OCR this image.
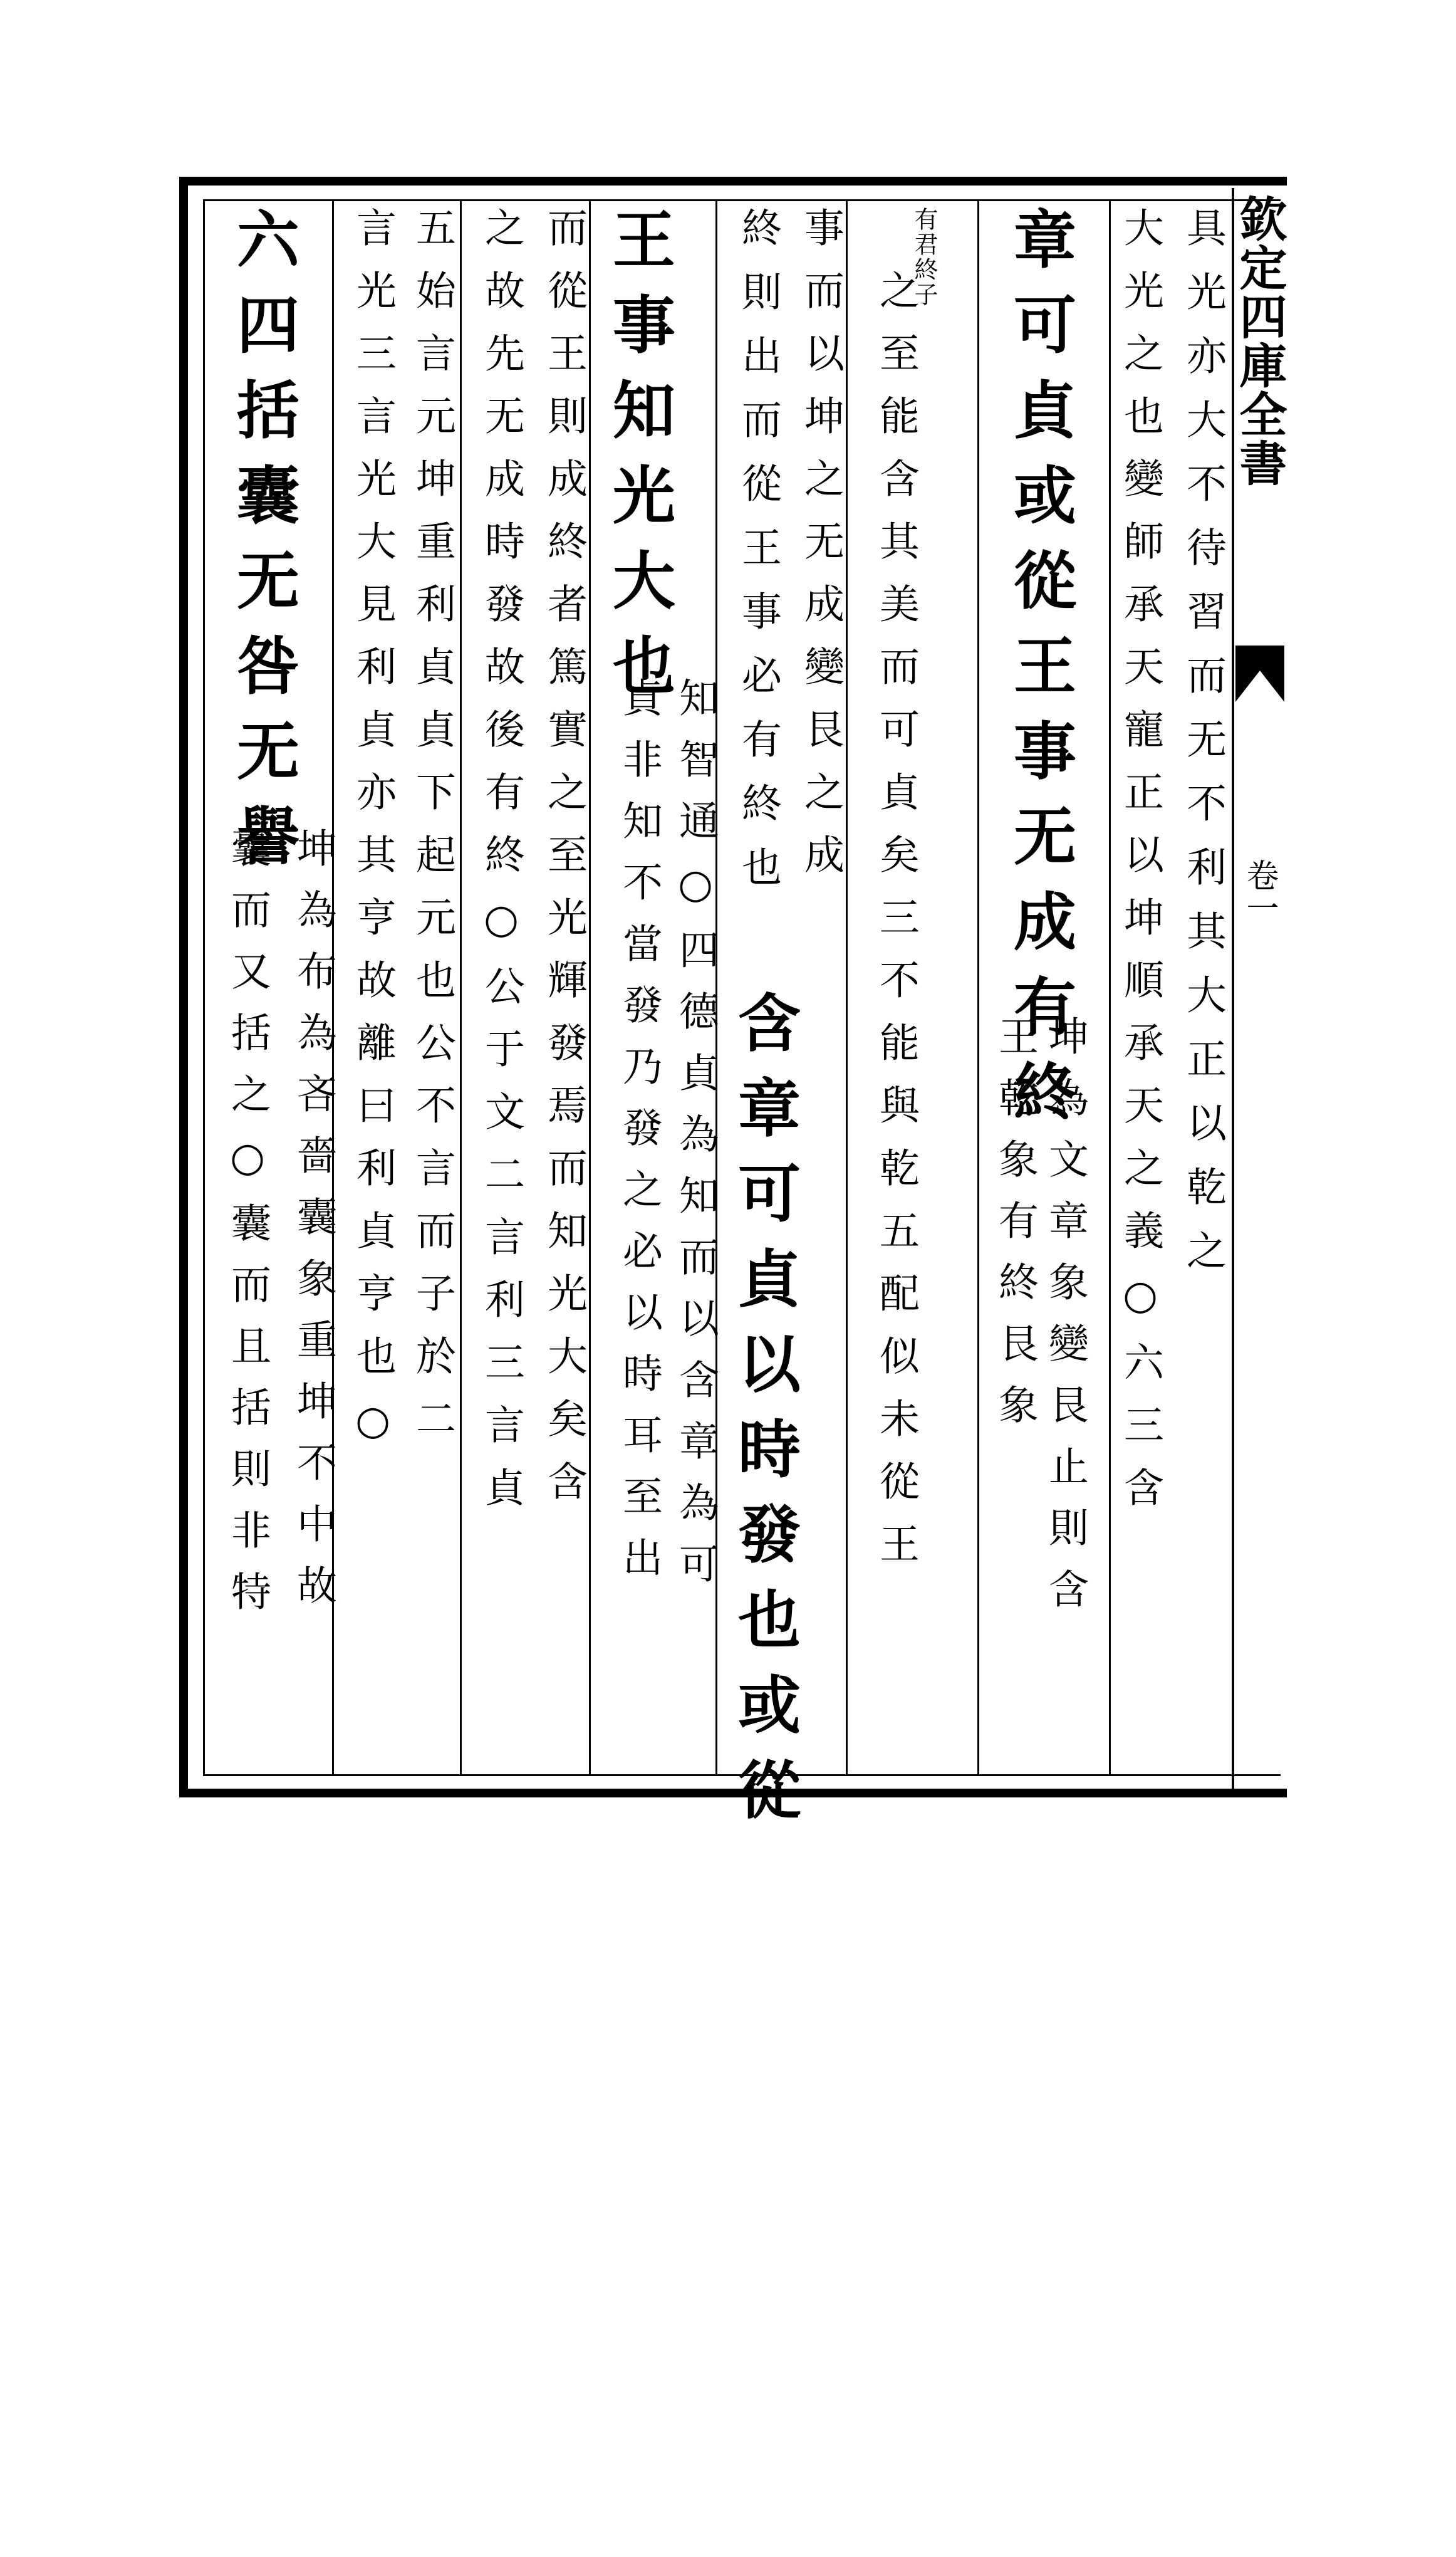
欽定四庫全書
卷一

具光亦大不待習而无不利其大正以乾之

大光之也變師承天寵正以坤順承天之義○六三含

章可貞或從王事无成有終

坤為文章象變艮止則含

王乾象有終艮象

之至能含其美而可貞矣三不能與乾五配似未從王

有君終子

事而以坤之无成變艮之成

含章可貞以時發也或從

終則出而從王事必有終也

王事知光大也

知智通○四德貞為知而以含章為可

貞非知不當發乃發之必以時耳至出

而從王則成終者篤實之至光輝發焉而知光大矣含

之故先无成時發故後有終○公于文二言利三言貞

五始言元坤重利貞貞下起元也公不言而子於二

言光三言光大見利貞亦其亨故離曰利貞亨也○

六四括囊无咎无譽

坤為布為吝嗇囊象重坤不中故

囊而又括之○囊而且括則非特
